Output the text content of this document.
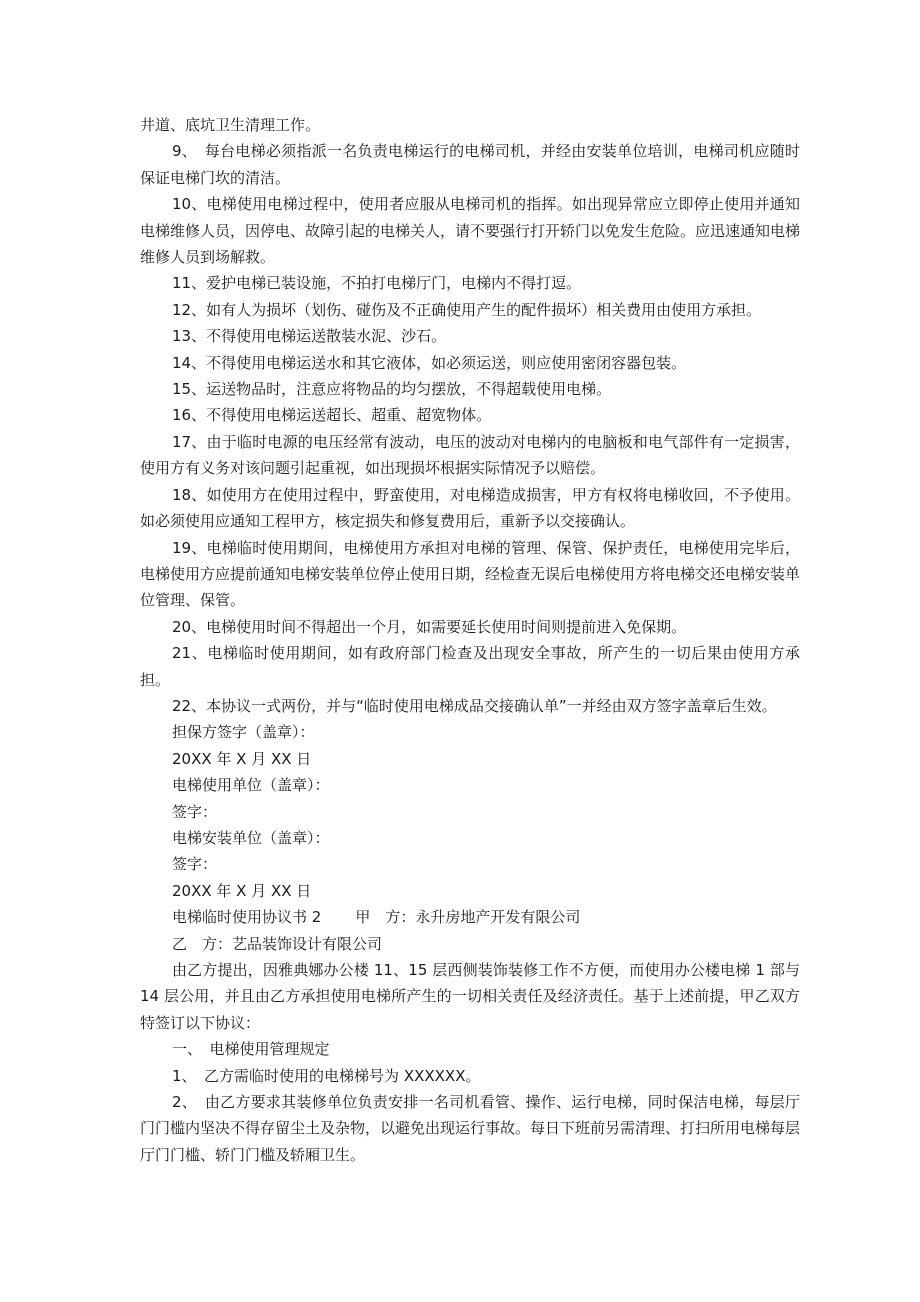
井道、底坑卫生清理工作。

9、　每台电梯必须指派一名负责电梯运行的电梯司机，并经由安装单位培训，电梯司机应随时保证电梯门坎的清洁。

10、电梯使用电梯过程中，使用者应服从电梯司机的指挥。如出现异常应立即停止使用并通知电梯维修人员，因停电、故障引起的电梯关人，请不要强行打开轿门以免发生危险。应迅速通知电梯维修人员到场解救。

11、爱护电梯已装设施，不拍打电梯厅门，电梯内不得打逗。

12、如有人为损坏（划伤、碰伤及不正确使用产生的配件损坏）相关费用由使用方承担。

13、不得使用电梯运送散装水泥、沙石。

14、不得使用电梯运送水和其它液体，如必须运送，则应使用密闭容器包装。

15、运送物品时，注意应将物品的均匀摆放，不得超载使用电梯。

16、不得使用电梯运送超长、超重、超宽物体。

17、由于临时电源的电压经常有波动，电压的波动对电梯内的电脑板和电气部件有一定损害，使用方有义务对该问题引起重视，如出现损坏根据实际情况予以赔偿。

18、如使用方在使用过程中，野蛮使用，对电梯造成损害，甲方有权将电梯收回，不予使用。如必须使用应通知工程甲方，核定损失和修复费用后，重新予以交接确认。

19、电梯临时使用期间，电梯使用方承担对电梯的管理、保管、保护责任，电梯使用完毕后，电梯使用方应提前通知电梯安装单位停止使用日期，经检查无误后电梯使用方将电梯交还电梯安装单位管理、保管。

20、电梯使用时间不得超出一个月，如需要延长使用时间则提前进入免保期。

21、电梯临时使用期间，如有政府部门检查及出现安全事故，所产生的一切后果由使用方承担。

22、本协议一式两份，并与“临时使用电梯成品交接确认单”一并经由双方签字盖章后生效。

担保方签字（盖章）：

20XX 年 X 月 XX 日

电梯使用单位（盖章）：

签字：

电梯安装单位（盖章）：

签字：

20XX 年 X 月 XX 日

电梯临时使用协议书 2 甲　方：永升房地产开发有限公司

乙　方：艺品装饰设计有限公司

由乙方提出，因雅典娜办公楼 11、15 层西侧装饰装修工作不方便，而使用办公楼电梯 1 部与 14 层公用，并且由乙方承担使用电梯所产生的一切相关责任及经济责任。基于上述前提，甲乙双方特签订以下协议：

一、　电梯使用管理规定

1、　乙方需临时使用的电梯梯号为 XXXXXX。

2、　由乙方要求其装修单位负责安排一名司机看管、操作、运行电梯，同时保洁电梯，每层厅门门槛内坚决不得存留尘土及杂物，以避免出现运行事故。每日下班前另需清理、打扫所用电梯每层厅门门槛、轿门门槛及轿厢卫生。
